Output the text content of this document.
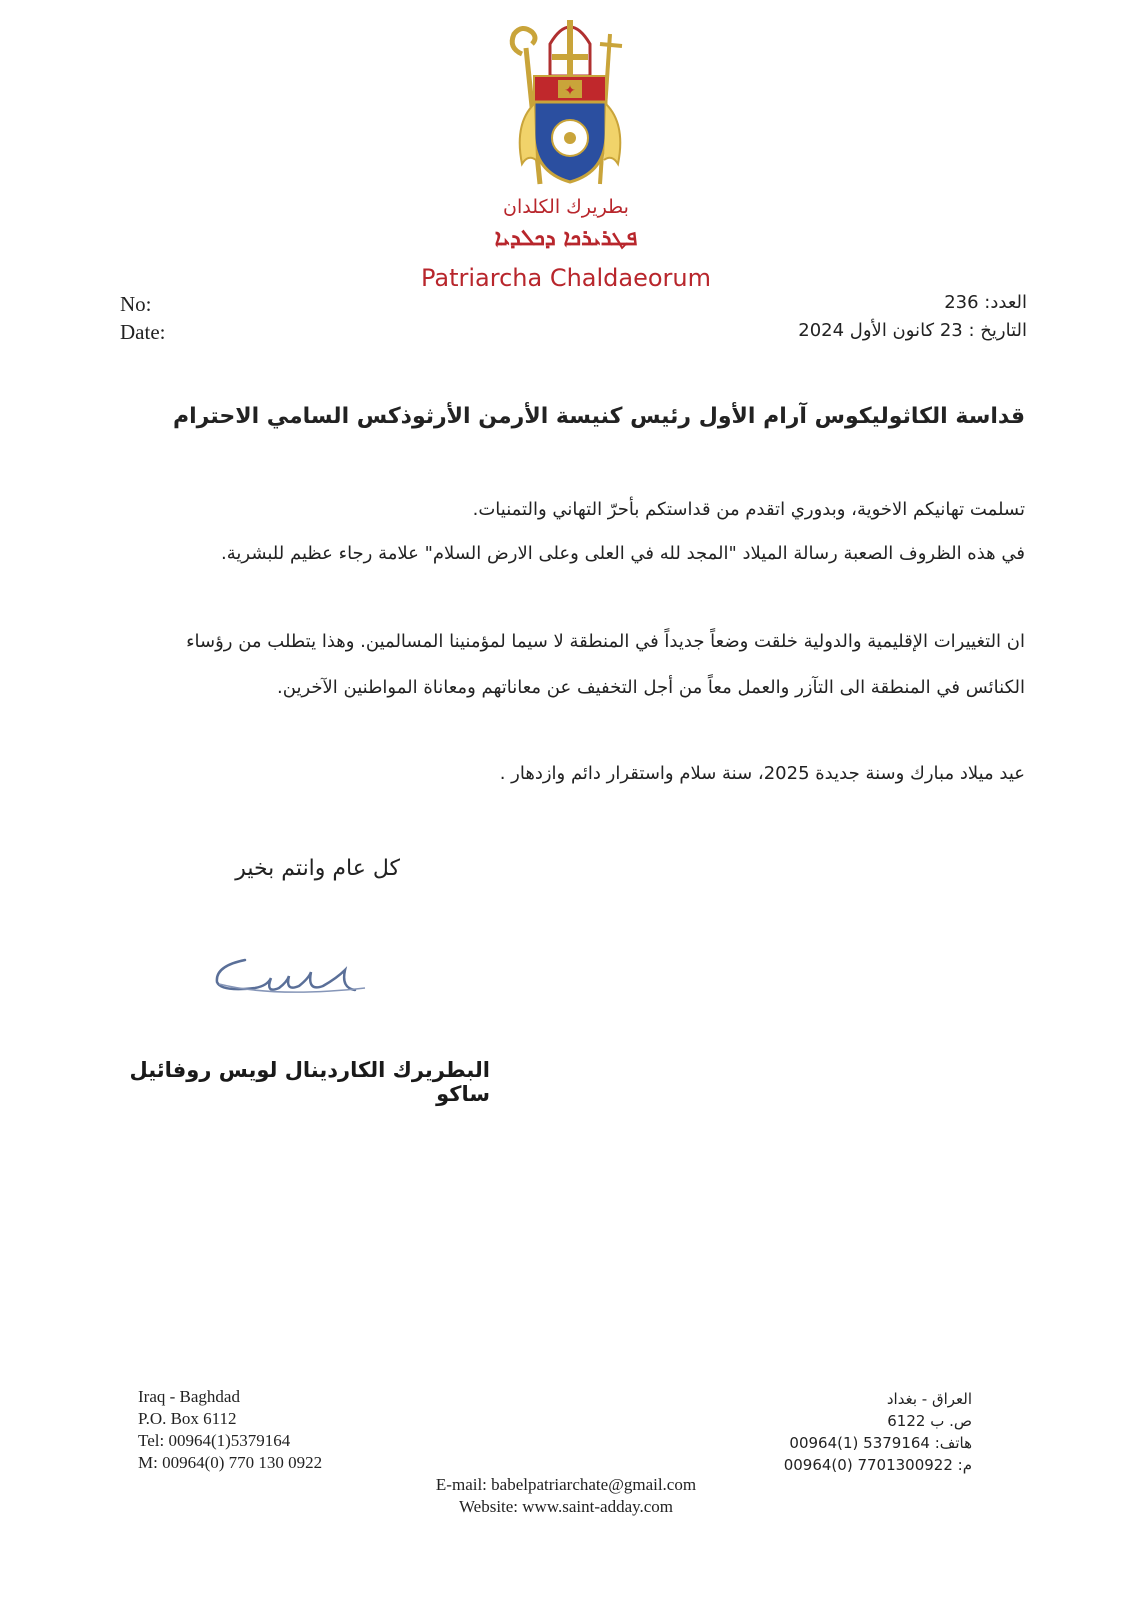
✦
بطريرك الكلدان
ܦܛܪܝܪܟܐ ܕܟܠܕܝܐ
Patriarcha Chaldaeorum
No:
Date:
العدد: 236
التاريخ : 23 كانون الأول 2024
قداسة الكاثوليكوس آرام الأول رئيس كنيسة الأرمن الأرثوذكس السامي الاحترام
تسلمت تهانيكم الاخوية، وبدوري اتقدم من قداستكم بأحرّ التهاني والتمنيات.
في هذه الظروف الصعبة رسالة الميلاد "المجد لله في العلى وعلى الارض السلام" علامة رجاء عظيم للبشرية.
ان التغييرات الإقليمية والدولية خلقت وضعاً جديداً في المنطقة لا سيما لمؤمنينا المسالمين. وهذا يتطلب من رؤساء
الكنائس في المنطقة الى التآزر والعمل معاً من أجل التخفيف عن معاناتهم ومعاناة المواطنين الآخرين.
عيد ميلاد مبارك وسنة جديدة 2025، سنة سلام واستقرار دائم وازدهار .
كل عام وانتم بخير
البطريرك الكاردينال لويس روفائيل ساكو
Iraq - Baghdad
P.O. Box 6112
Tel: 00964(1)5379164
M: 00964(0) 770 130 0922
العراق - بغداد
ص. ب 6122
هاتف: 5379164 (1)00964
م: 7701300922 (0)00964
E-mail: babelpatriarchate@gmail.com
Website: www.saint-adday.com
